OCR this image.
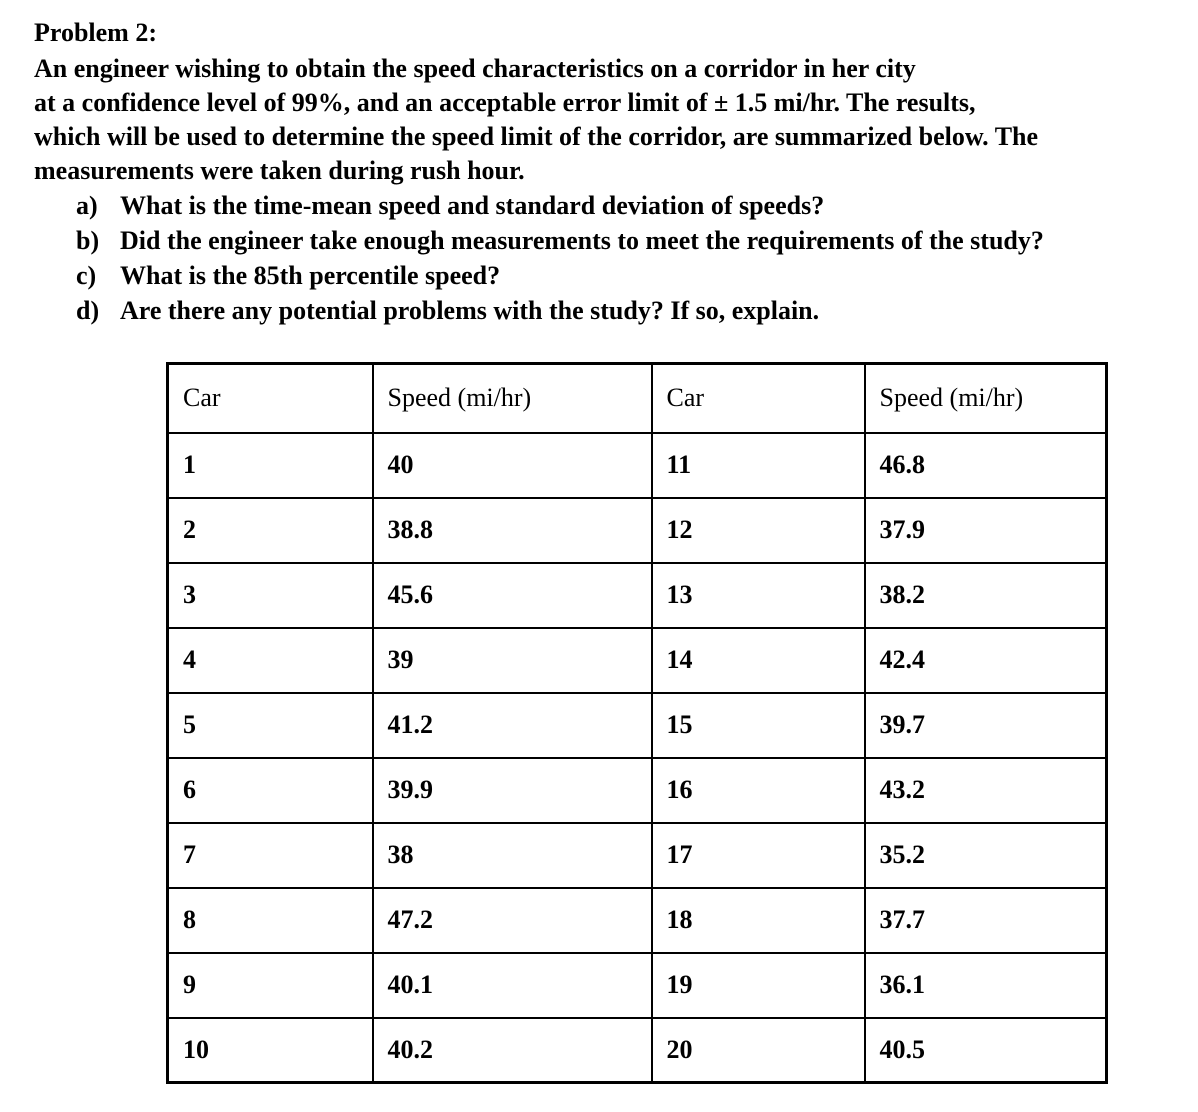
Problem 2:
An engineer wishing to obtain the speed characteristics on a corridor in her city
at a confidence level of 99%, and an acceptable error limit of ± 1.5 mi/hr. The results,
which will be used to determine the speed limit of the corridor, are summarized below. The
measurements were taken during rush hour.
a) What is the time-mean speed and standard deviation of speeds?
b) Did the engineer take enough measurements to meet the requirements of the study?
c) What is the 85th percentile speed?
d) Are there any potential problems with the study? If so, explain.
Car	Speed (mi/hr)	Car	Speed (mi/hr)
1	40	11	46.8
2	38.8	12	37.9
3	45.6	13	38.2
4	39	14	42.4
5	41.2	15	39.7
6	39.9	16	43.2
7	38	17	35.2
8	47.2	18	37.7
9	40.1	19	36.1
10	40.2	20	40.5
